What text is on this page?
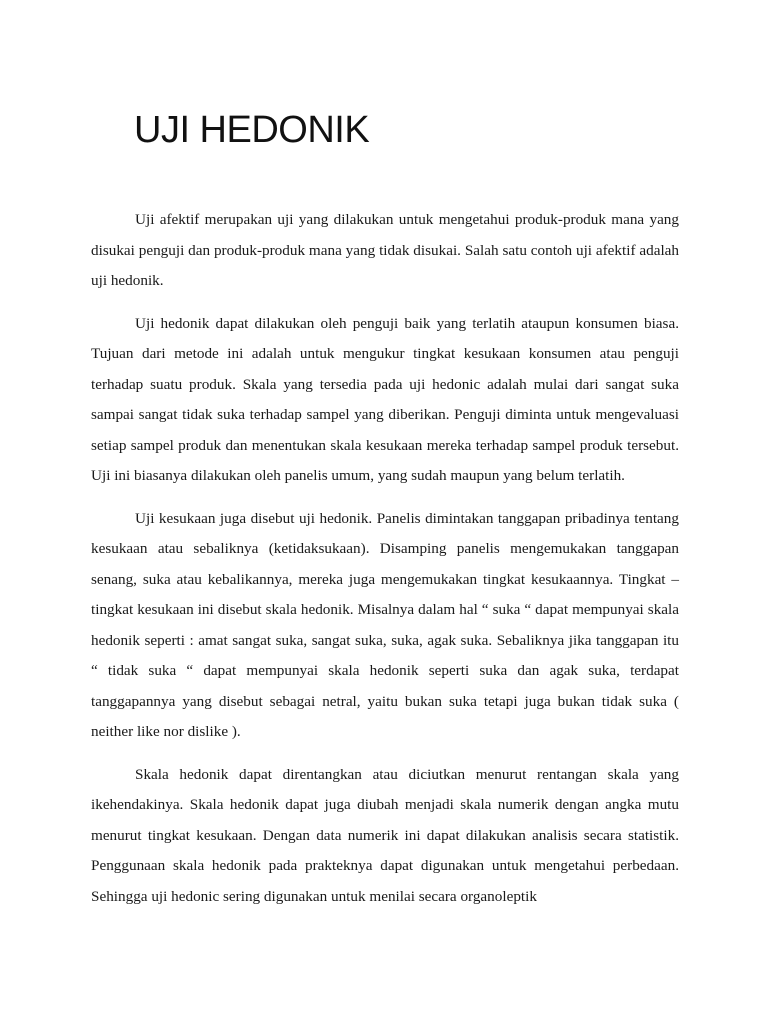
UJI HEDONIK

Uji afektif merupakan uji yang dilakukan untuk mengetahui produk-produk mana yang disukai penguji dan produk-produk mana yang tidak disukai. Salah satu contoh uji afektif adalah uji hedonik.

Uji hedonik dapat dilakukan oleh penguji baik yang terlatih ataupun konsumen biasa. Tujuan dari metode ini adalah untuk mengukur tingkat kesukaan konsumen atau penguji terhadap suatu produk. Skala yang tersedia pada uji hedonic adalah mulai dari sangat suka sampai sangat tidak suka terhadap sampel yang diberikan. Penguji diminta untuk mengevaluasi setiap sampel produk dan menentukan skala kesukaan mereka terhadap sampel produk tersebut. Uji ini biasanya dilakukan oleh panelis umum, yang sudah maupun yang belum terlatih.

Uji kesukaan juga disebut uji hedonik. Panelis dimintakan tanggapan pribadinya tentang kesukaan atau sebaliknya (ketidaksukaan). Disamping panelis mengemukakan tanggapan senang, suka atau kebalikannya, mereka juga mengemukakan tingkat kesukaannya. Tingkat – tingkat kesukaan ini disebut skala hedonik. Misalnya dalam hal “ suka “ dapat mempunyai skala hedonik seperti : amat sangat suka, sangat suka, suka, agak suka. Sebaliknya jika tanggapan itu “ tidak suka “ dapat mempunyai skala hedonik seperti suka dan agak suka, terdapat tanggapannya yang disebut sebagai netral, yaitu bukan suka tetapi juga bukan tidak suka ( neither like nor dislike ).

Skala hedonik dapat direntangkan atau diciutkan menurut rentangan skala yang ikehendakinya. Skala hedonik dapat juga diubah menjadi skala numerik dengan angka mutu menurut tingkat kesukaan. Dengan data numerik ini dapat dilakukan analisis secara statistik. Penggunaan skala hedonik pada prakteknya dapat digunakan untuk mengetahui perbedaan. Sehingga uji hedonic sering digunakan untuk menilai secara organoleptik
